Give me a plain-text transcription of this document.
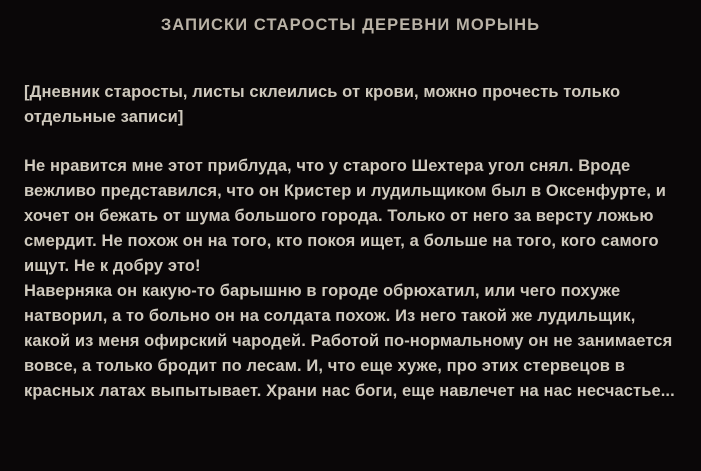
ЗАПИСКИ СТАРОСТЫ ДЕРЕВНИ МОРЫНЬ

[Дневник старосты, листы склеились от крови, можно прочесть только отдельные записи]

Не нравится мне этот приблуда, что у старого Шехтера угол снял. Вроде вежливо представился, что он Кристер и лудильщиком был в Оксенфурте, и хочет он бежать от шума большого города. Только от него за версту ложью смердит. Не похож он на того, кто покоя ищет, а больше на того, кого самого ищут. Не к добру это!

Наверняка он какую-то барышню в городе обрюхатил, или чего похуже натворил, а то больно он на солдата похож. Из него такой же лудильщик, какой из меня офирский чародей. Работой по-нормальному он не занимается вовсе, а только бродит по лесам. И, что еще хуже, про этих стервецов в красных латах выпытывает. Храни нас боги, еще навлечет на нас несчастье...
